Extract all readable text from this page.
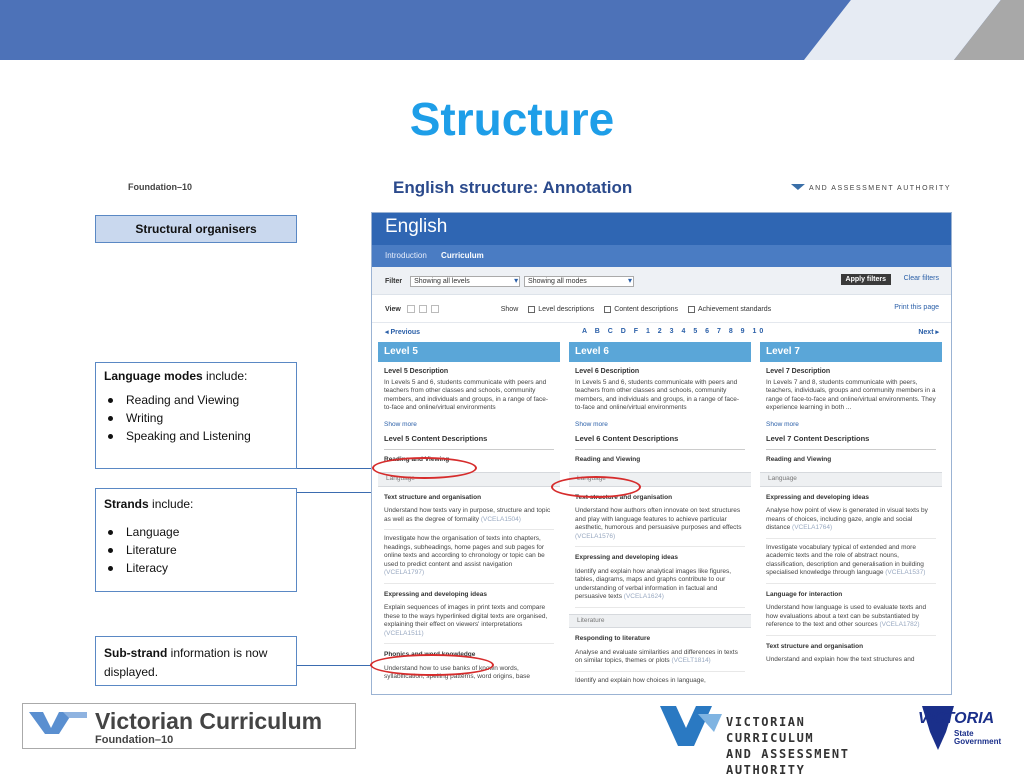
Structure
Foundation–10	English structure: Annotation	AND ASSESSMENT AUTHORITY
Structural organisers
Language modes include:
Reading and Viewing
Writing
Speaking and Listening
Strands include:
Language
Literature
Literacy
Sub-strand information is now displayed.
English
Introduction Curriculum
Filter Showing all levels ▾	Showing all modes ▾	Apply filters	Clear filters
View	Show	Level descriptions	Content descriptions	Achievement standards	Print this page
◂ Previous	A B C D F 1 2 3 4 5 6 7 8 9 10	Next ▸
Level 5
Level 5 Description
In Levels 5 and 6, students communicate with peers and teachers from other classes and schools, community members, and individuals and groups, in a range of face-to-face and online/virtual environments
Show more
Level 5 Content Descriptions
Reading and Viewing
Language
Text structure and organisation
Understand how texts vary in purpose, structure and topic as well as the degree of formality (VCELA1504)
Investigate how the organisation of texts into chapters, headings, subheadings, home pages and sub pages for online texts and according to chronology or topic can be used to predict content and assist navigation (VCELA1797)
Expressing and developing ideas
Explain sequences of images in print texts and compare these to the ways hyperlinked digital texts are organised, explaining their effect on viewers' interpretations (VCELA1511)
Phonics and word knowledge
Understand how to use banks of known words, syllabification, spelling patterns, word origins, base
Level 6
Level 6 Description
In Levels 5 and 6, students communicate with peers and teachers from other classes and schools, community members, and individuals and groups, in a range of face-to-face and online/virtual environments
Show more
Level 6 Content Descriptions
Reading and Viewing
Language
Text structure and organisation
Understand how authors often innovate on text structures and play with language features to achieve particular aesthetic, humorous and persuasive purposes and effects (VCELA1576)
Expressing and developing ideas
Identify and explain how analytical images like figures, tables, diagrams, maps and graphs contribute to our understanding of verbal information in factual and persuasive texts (VCELA1624)
Literature
Responding to literature
Analyse and evaluate similarities and differences in texts on similar topics, themes or plots (VCELT1814)
Identify and explain how choices in language,
Level 7
Level 7 Description
In Levels 7 and 8, students communicate with peers, teachers, individuals, groups and community members in a range of face-to-face and online/virtual environments. They experience learning in both ...
Show more
Level 7 Content Descriptions
Reading and Viewing
Language
Expressing and developing ideas
Analyse how point of view is generated in visual texts by means of choices, including gaze, angle and social distance (VCELA1764)
Investigate vocabulary typical of extended and more academic texts and the role of abstract nouns, classification, description and generalisation in building specialised knowledge through language (VCELA1537)
Language for interaction
Understand how language is used to evaluate texts and how evaluations about a text can be substantiated by reference to the text and other sources (VCELA1782)
Text structure and organisation
Understand and explain how the text structures and
Victorian Curriculum
Foundation–10
VICTORIAN CURRICULUM
AND ASSESSMENT AUTHORITY
VICTORIA
State
Government
